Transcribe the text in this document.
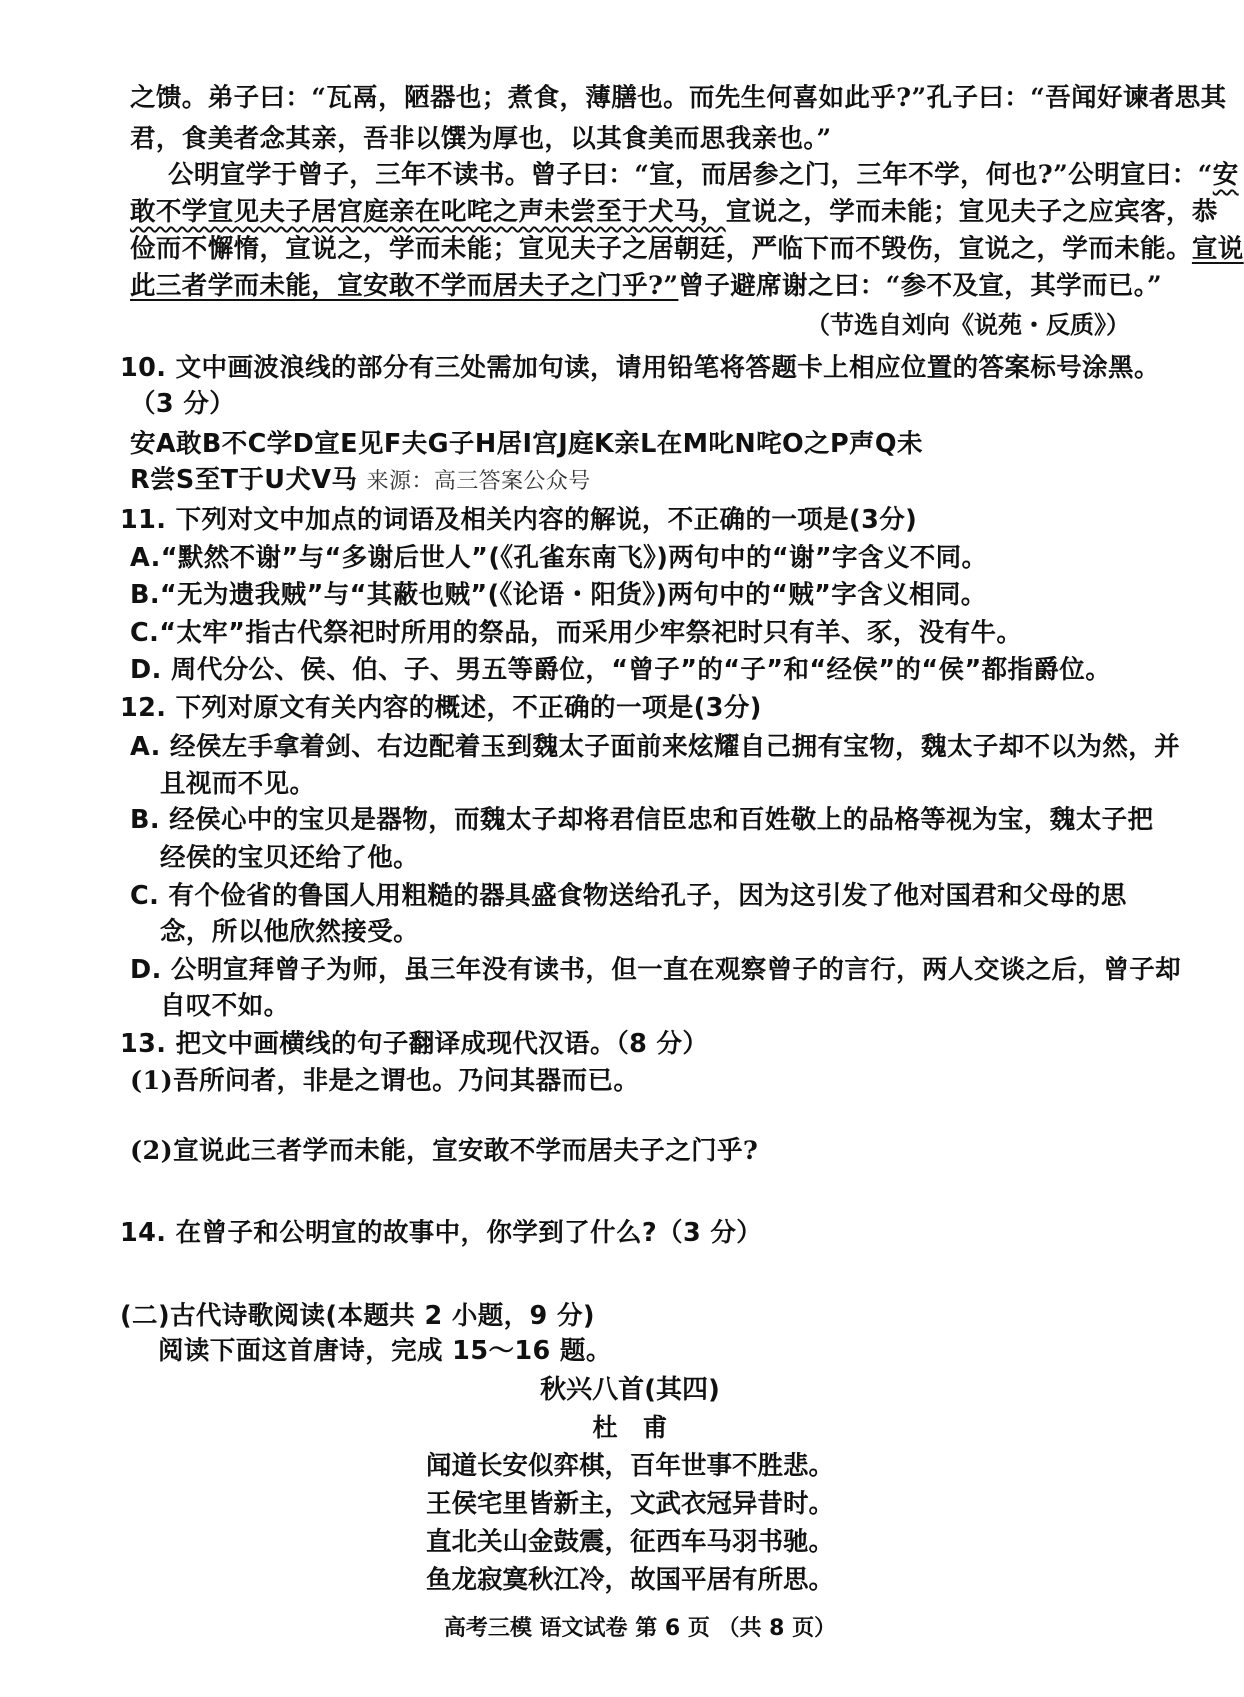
之馈。弟子曰：“瓦鬲，陋器也；煮食，薄膳也。而先生何喜如此乎?”孔子曰：“吾闻好谏者思其
君，食美者念其亲，吾非以馔为厚也，以其食美而思我亲也。”
公明宣学于曾子，三年不读书。曾子曰：“宣，而居参之门，三年不学，何也?”公明宣曰：“安
敢不学宣见夫子居宫庭亲在叱咤之声未尝至于犬马，宣说之，学而未能；宣见夫子之应宾客，恭
俭而不懈惰，宣说之，学而未能；宣见夫子之居朝廷，严临下而不毁伤，宣说之，学而未能。宣说
此三者学而未能，宣安敢不学而居夫子之门乎?”曾子避席谢之曰：“参不及宣，其学而已。”
（节选自刘向《说苑・反质》）
10. 文中画波浪线的部分有三处需加句读，请用铅笔将答题卡上相应位置的答案标号涂黑。
（3 分）
安A敢B不C学D宣E见F夫G子H居I宫J庭K亲L在M叱N咤O之P声Q未
R尝S至T于U犬V马 来源：高三答案公众号
11. 下列对文中加点的词语及相关内容的解说，不正确的一项是(3分)
A.“默然不谢”与“多谢后世人”(《孔雀东南飞》)两句中的“谢”字含义不同。
B.“无为遗我贼”与“其蔽也贼”(《论语・阳货》)两句中的“贼”字含义相同。
C.“太牢”指古代祭祀时所用的祭品，而采用少牢祭祀时只有羊、豕，没有牛。
D. 周代分公、侯、伯、子、男五等爵位，“曾子”的“子”和“经侯”的“侯”都指爵位。
12. 下列对原文有关内容的概述，不正确的一项是(3分)
A. 经侯左手拿着剑、右边配着玉到魏太子面前来炫耀自己拥有宝物，魏太子却不以为然，并
且视而不见。
B. 经侯心中的宝贝是器物，而魏太子却将君信臣忠和百姓敬上的品格等视为宝，魏太子把
经侯的宝贝还给了他。
C. 有个俭省的鲁国人用粗糙的器具盛食物送给孔子，因为这引发了他对国君和父母的思
念，所以他欣然接受。
D. 公明宣拜曾子为师，虽三年没有读书，但一直在观察曾子的言行，两人交谈之后，曾子却
自叹不如。
13. 把文中画横线的句子翻译成现代汉语。（8 分）
(1)吾所问者，非是之谓也。乃问其器而已。
(2)宣说此三者学而未能，宣安敢不学而居夫子之门乎?
14. 在曾子和公明宣的故事中，你学到了什么?（3 分）
(二)古代诗歌阅读(本题共 2 小题，9 分)
阅读下面这首唐诗，完成 15～16 题。
秋兴八首(其四)
杜　甫
闻道长安似弈棋，百年世事不胜悲。
王侯宅里皆新主，文武衣冠异昔时。
直北关山金鼓震，征西车马羽书驰。
鱼龙寂寞秋江冷，故国平居有所思。
高考三模 语文试卷 第 6 页 （共 8 页）
